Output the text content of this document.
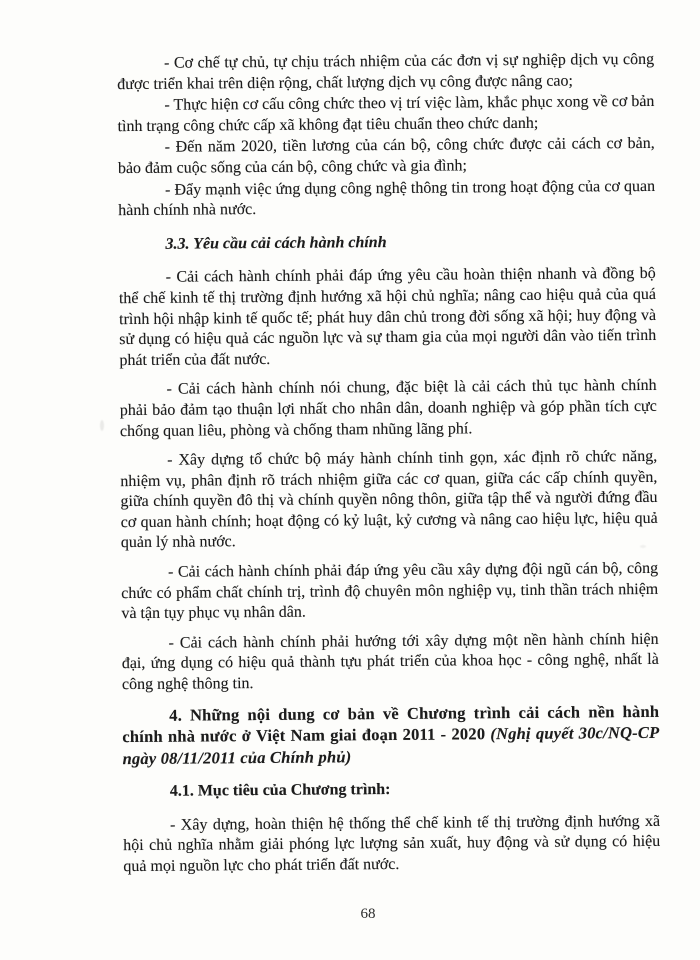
- Cơ chế tự chủ, tự chịu trách nhiệm của các đơn vị sự nghiệp dịch vụ công được triển khai trên diện rộng, chất lượng dịch vụ công được nâng cao;

- Thực hiện cơ cấu công chức theo vị trí việc làm, khắc phục xong về cơ bản tình trạng công chức cấp xã không đạt tiêu chuẩn theo chức danh;

- Đến năm 2020, tiền lương của cán bộ, công chức được cải cách cơ bản, bảo đảm cuộc sống của cán bộ, công chức và gia đình;

- Đẩy mạnh việc ứng dụng công nghệ thông tin trong hoạt động của cơ quan hành chính nhà nước.

3.3. Yêu cầu cải cách hành chính

- Cải cách hành chính phải đáp ứng yêu cầu hoàn thiện nhanh và đồng bộ thể chế kinh tế thị trường định hướng xã hội chủ nghĩa; nâng cao hiệu quả của quá trình hội nhập kinh tế quốc tế; phát huy dân chủ trong đời sống xã hội; huy động và sử dụng có hiệu quả các nguồn lực và sự tham gia của mọi người dân vào tiến trình phát triển của đất nước.

- Cải cách hành chính nói chung, đặc biệt là cải cách thủ tục hành chính phải bảo đảm tạo thuận lợi nhất cho nhân dân, doanh nghiệp và góp phần tích cực chống quan liêu, phòng và chống tham nhũng lãng phí.

- Xây dựng tổ chức bộ máy hành chính tinh gọn, xác định rõ chức năng, nhiệm vụ, phân định rõ trách nhiệm giữa các cơ quan, giữa các cấp chính quyền, giữa chính quyền đô thị và chính quyền nông thôn, giữa tập thể và người đứng đầu cơ quan hành chính; hoạt động có kỷ luật, kỷ cương và nâng cao hiệu lực, hiệu quả quản lý nhà nước.

- Cải cách hành chính phải đáp ứng yêu cầu xây dựng đội ngũ cán bộ, công chức có phẩm chất chính trị, trình độ chuyên môn nghiệp vụ, tinh thần trách nhiệm và tận tụy phục vụ nhân dân.

- Cải cách hành chính phải hướng tới xây dựng một nền hành chính hiện đại, ứng dụng có hiệu quả thành tựu phát triển của khoa học - công nghệ, nhất là công nghệ thông tin.

4. Những nội dung cơ bản về Chương trình cải cách nền hành chính nhà nước ở Việt Nam giai đoạn 2011 - 2020 (Nghị quyết 30c/NQ-CP ngày 08/11/2011 của Chính phủ)
4.1. Mục tiêu của Chương trình:

- Xây dựng, hoàn thiện hệ thống thể chế kinh tế thị trường định hướng xã hội chủ nghĩa nhằm giải phóng lực lượng sản xuất, huy động và sử dụng có hiệu quả mọi nguồn lực cho phát triển đất nước.

68
